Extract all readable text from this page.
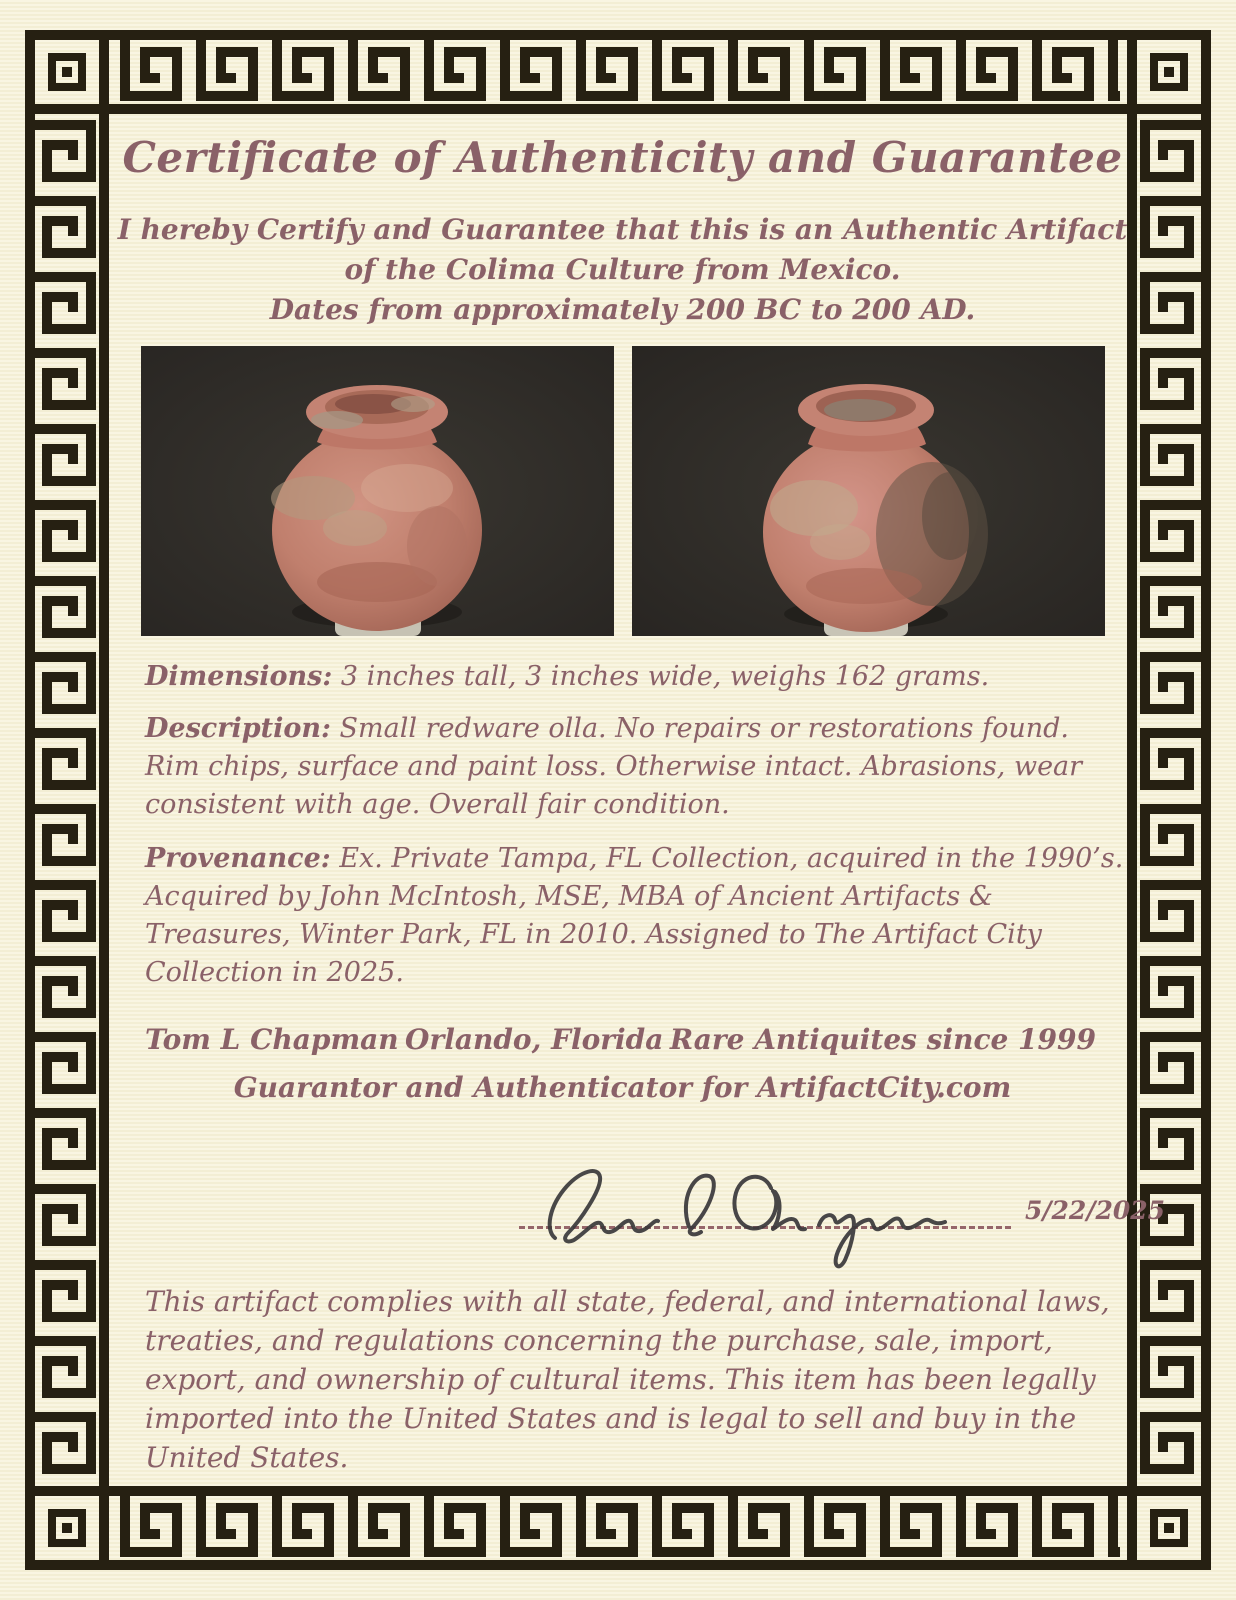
Certificate of Authenticity and Guarantee

I hereby Certify and Guarantee that this is an Authentic Artifact

of the Colima Culture from Mexico.

Dates from approximately 200 BC to 200 AD.

Dimensions: 3 inches tall, 3 inches wide, weighs 162 grams.

Description: Small redware olla. No repairs or restorations found. Rim chips, surface and paint loss. Otherwise intact. Abrasions, wear consistent with age. Overall fair condition.

Provenance: Ex. Private Tampa, FL Collection, acquired in the 1990’s. Acquired by John McIntosh, MSE, MBA of Ancient Artifacts & Treasures, Winter Park, FL in 2010. Assigned to The Artifact City Collection in 2025.

Tom L Chapman Orlando, Florida Rare Antiquites since 1999

Guarantor and Authenticator for ArtifactCity.com

5/22/2025

This artifact complies with all state, federal, and international laws, treaties, and regulations concerning the purchase, sale, import, export, and ownership of cultural items. This item has been legally imported into the United States and is legal to sell and buy in the United States.
